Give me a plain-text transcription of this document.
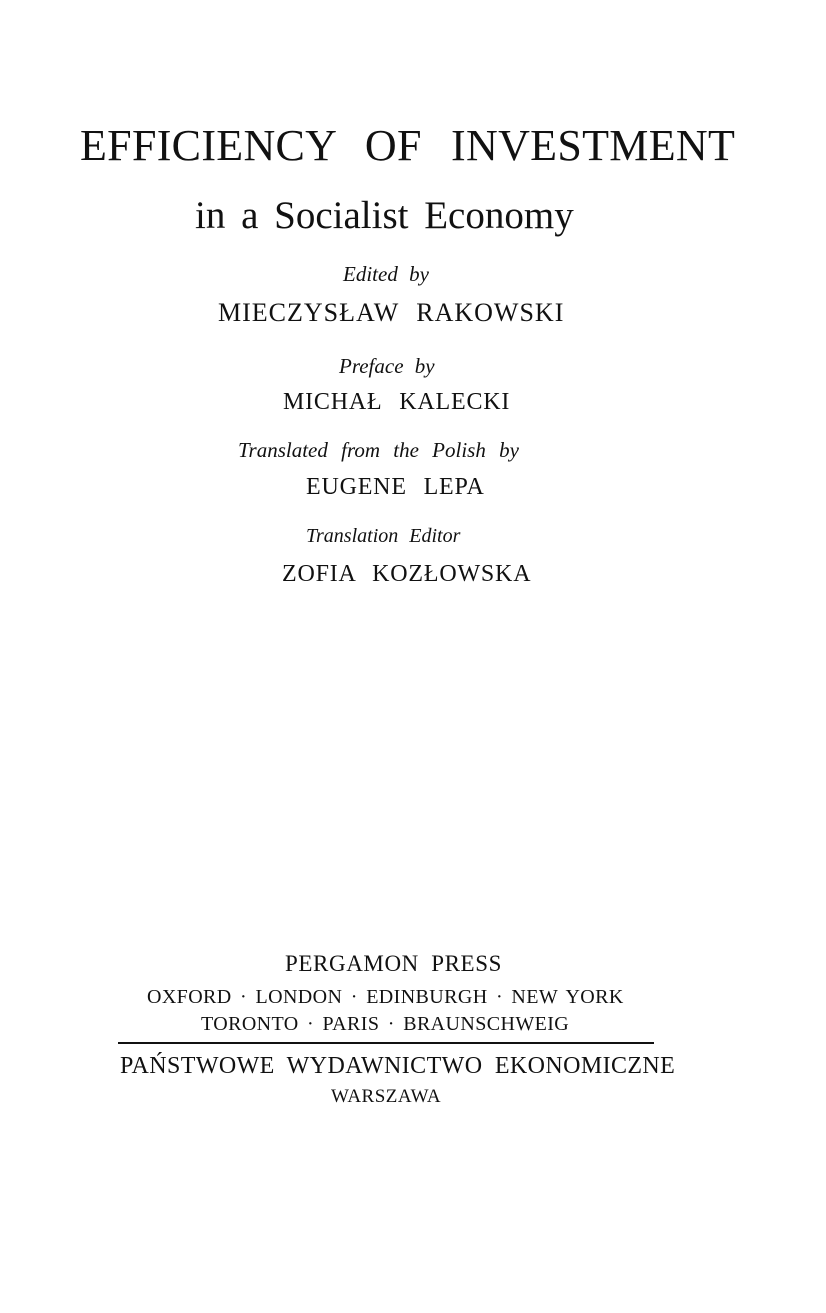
EFFICIENCY OF INVESTMENT
in a Socialist Economy
Edited by
MIECZYSŁAW RAKOWSKI
Preface by
MICHAŁ KALECKI
Translated from the Polish by
EUGENE LEPA
Translation Editor
ZOFIA KOZŁOWSKA
PERGAMON PRESS
OXFORD · LONDON · EDINBURGH · NEW YORK
TORONTO · PARIS · BRAUNSCHWEIG
PAŃSTWOWE WYDAWNICTWO EKONOMICZNE
WARSZAWA
